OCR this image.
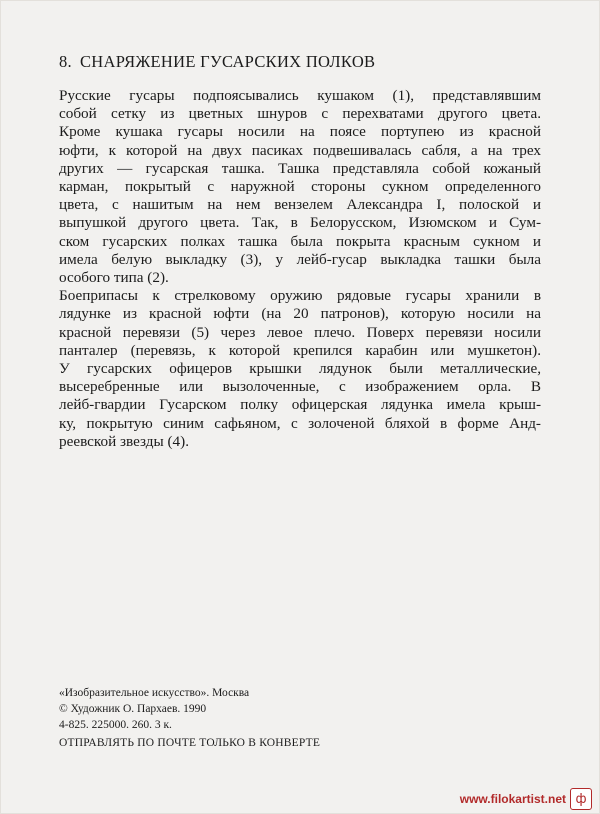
8. СНАРЯЖЕНИЕ ГУСАРСКИХ ПОЛКОВ
Русские гусары подпоясывались кушаком (1), представлявшим
собой сетку из цветных шнуров с перехватами другого цвета.
Кроме кушака гусары носили на поясе портупею из красной
юфти, к которой на двух пасиках подвешивалась сабля, а на трех
других — гусарская ташка. Ташка представляла собой кожаный
карман, покрытый с наружной стороны сукном определенного
цвета, с нашитым на нем вензелем Александра I, полоской и
выпушкой другого цвета. Так, в Белорусском, Изюмском и Сум-
ском гусарских полках ташка была покрыта красным сукном и
имела белую выкладку (3), у лейб-гусар выкладка ташки была
особого типа (2).
Боеприпасы к стрелковому оружию рядовые гусары хранили в
лядунке из красной юфти (на 20 патронов), которую носили на
красной перевязи (5) через левое плечо. Поверх перевязи носили
панталер (перевязь, к которой крепился карабин или мушкетон).
У гусарских офицеров крышки лядунок были металлические,
высеребренные или вызолоченные, с изображением орла. В
лейб-гвардии Гусарском полку офицерская лядунка имела крыш-
ку, покрытую синим сафьяном, с золоченой бляхой в форме Анд-
реевской звезды (4).
«Изобразительное искусство». Москва
© Художник О. Пархаев. 1990
4-825. 225000. 260. 3 к.
ОТПРАВЛЯТЬ ПО ПОЧТЕ ТОЛЬКО В КОНВЕРТЕ
www.filokartist.net ф
